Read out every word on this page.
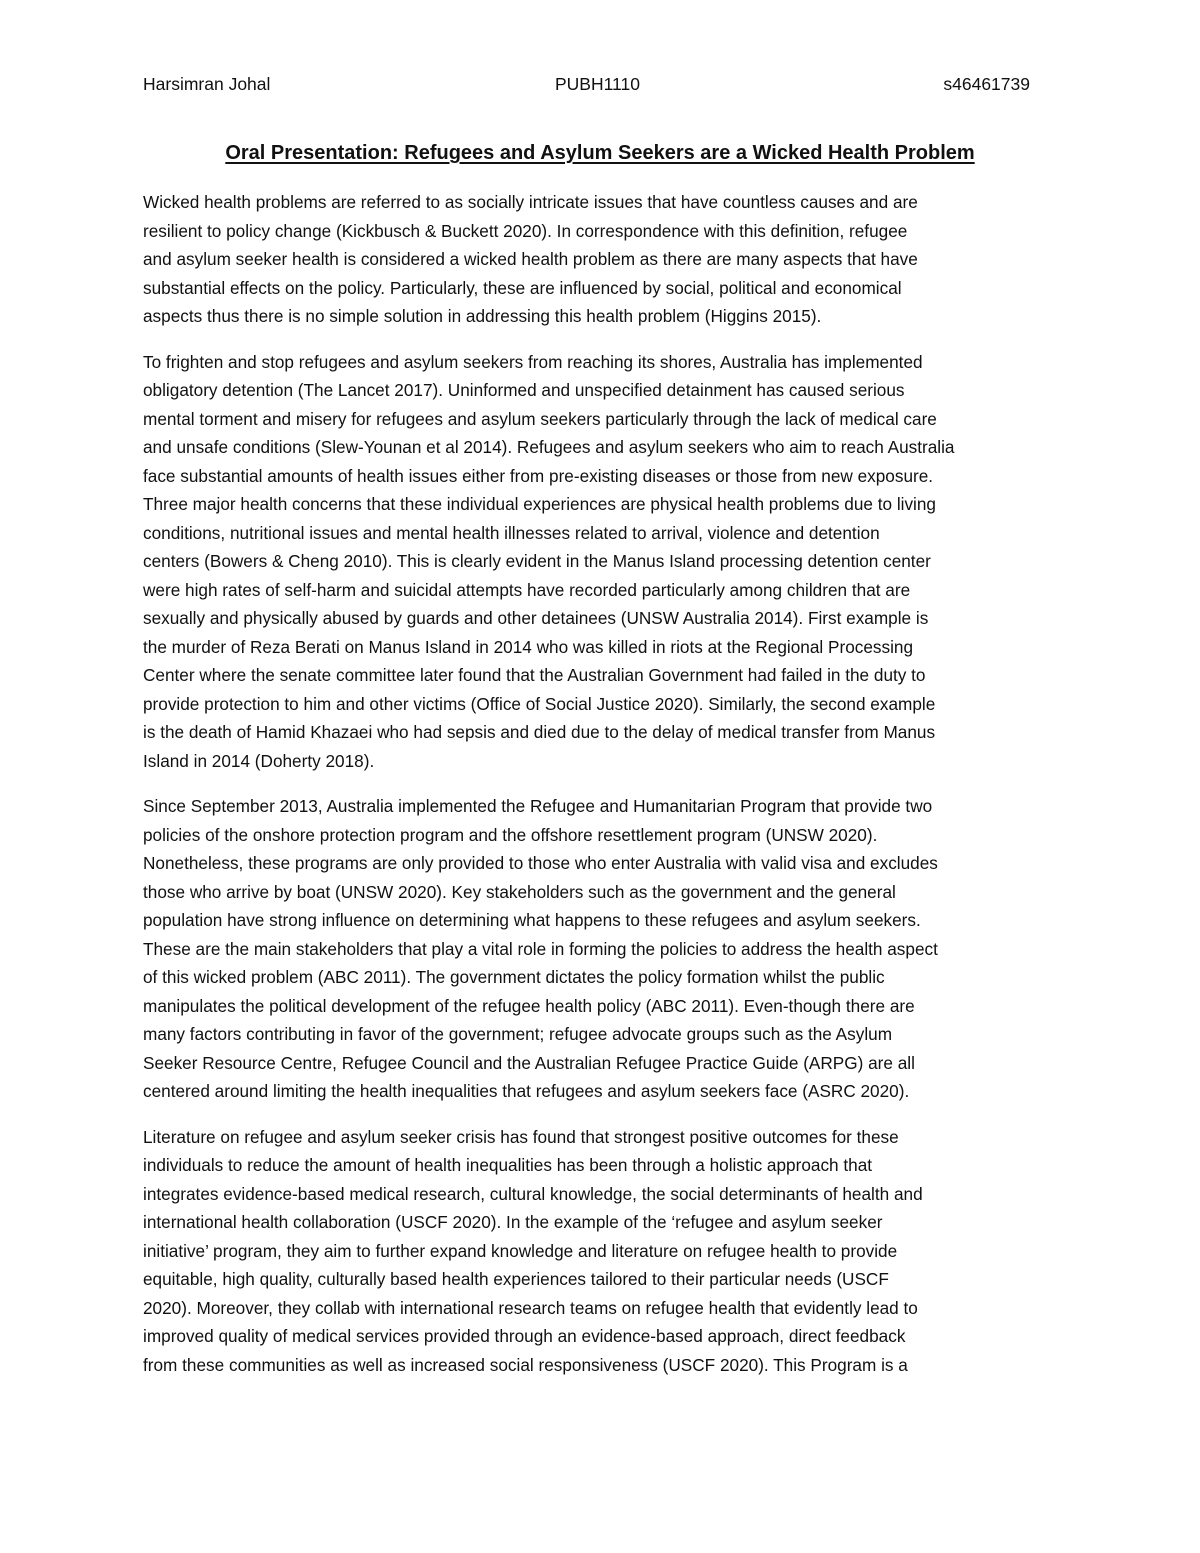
Harsimran Johal	PUBH1110	s46461739
Oral Presentation: Refugees and Asylum Seekers are a Wicked Health Problem

Wicked health problems are referred to as socially intricate issues that have countless causes and are
resilient to policy change (Kickbusch & Buckett 2020). In correspondence with this definition, refugee
and asylum seeker health is considered a wicked health problem as there are many aspects that have
substantial effects on the policy. Particularly, these are influenced by social, political and economical
aspects thus there is no simple solution in addressing this health problem (Higgins 2015).

To frighten and stop refugees and asylum seekers from reaching its shores, Australia has implemented
obligatory detention (The Lancet 2017). Uninformed and unspecified detainment has caused serious
mental torment and misery for refugees and asylum seekers particularly through the lack of medical care
and unsafe conditions (Slew-Younan et al 2014). Refugees and asylum seekers who aim to reach Australia
face substantial amounts of health issues either from pre-existing diseases or those from new exposure.
Three major health concerns that these individual experiences are physical health problems due to living
conditions, nutritional issues and mental health illnesses related to arrival, violence and detention
centers (Bowers & Cheng 2010). This is clearly evident in the Manus Island processing detention center
were high rates of self-harm and suicidal attempts have recorded particularly among children that are
sexually and physically abused by guards and other detainees (UNSW Australia 2014). First example is
the murder of Reza Berati on Manus Island in 2014 who was killed in riots at the Regional Processing
Center where the senate committee later found that the Australian Government had failed in the duty to
provide protection to him and other victims (Office of Social Justice 2020). Similarly, the second example
is the death of Hamid Khazaei who had sepsis and died due to the delay of medical transfer from Manus
Island in 2014 (Doherty 2018).

Since September 2013, Australia implemented the Refugee and Humanitarian Program that provide two
policies of the onshore protection program and the offshore resettlement program (UNSW 2020).
Nonetheless, these programs are only provided to those who enter Australia with valid visa and excludes
those who arrive by boat (UNSW 2020). Key stakeholders such as the government and the general
population have strong influence on determining what happens to these refugees and asylum seekers.
These are the main stakeholders that play a vital role in forming the policies to address the health aspect
of this wicked problem (ABC 2011). The government dictates the policy formation whilst the public
manipulates the political development of the refugee health policy (ABC 2011). Even-though there are
many factors contributing in favor of the government; refugee advocate groups such as the Asylum
Seeker Resource Centre, Refugee Council and the Australian Refugee Practice Guide (ARPG) are all
centered around limiting the health inequalities that refugees and asylum seekers face (ASRC 2020).

Literature on refugee and asylum seeker crisis has found that strongest positive outcomes for these
individuals to reduce the amount of health inequalities has been through a holistic approach that
integrates evidence-based medical research, cultural knowledge, the social determinants of health and
international health collaboration (USCF 2020). In the example of the ‘refugee and asylum seeker
initiative’ program, they aim to further expand knowledge and literature on refugee health to provide
equitable, high quality, culturally based health experiences tailored to their particular needs (USCF
2020). Moreover, they collab with international research teams on refugee health that evidently lead to
improved quality of medical services provided through an evidence-based approach, direct feedback
from these communities as well as increased social responsiveness (USCF 2020). This Program is a
